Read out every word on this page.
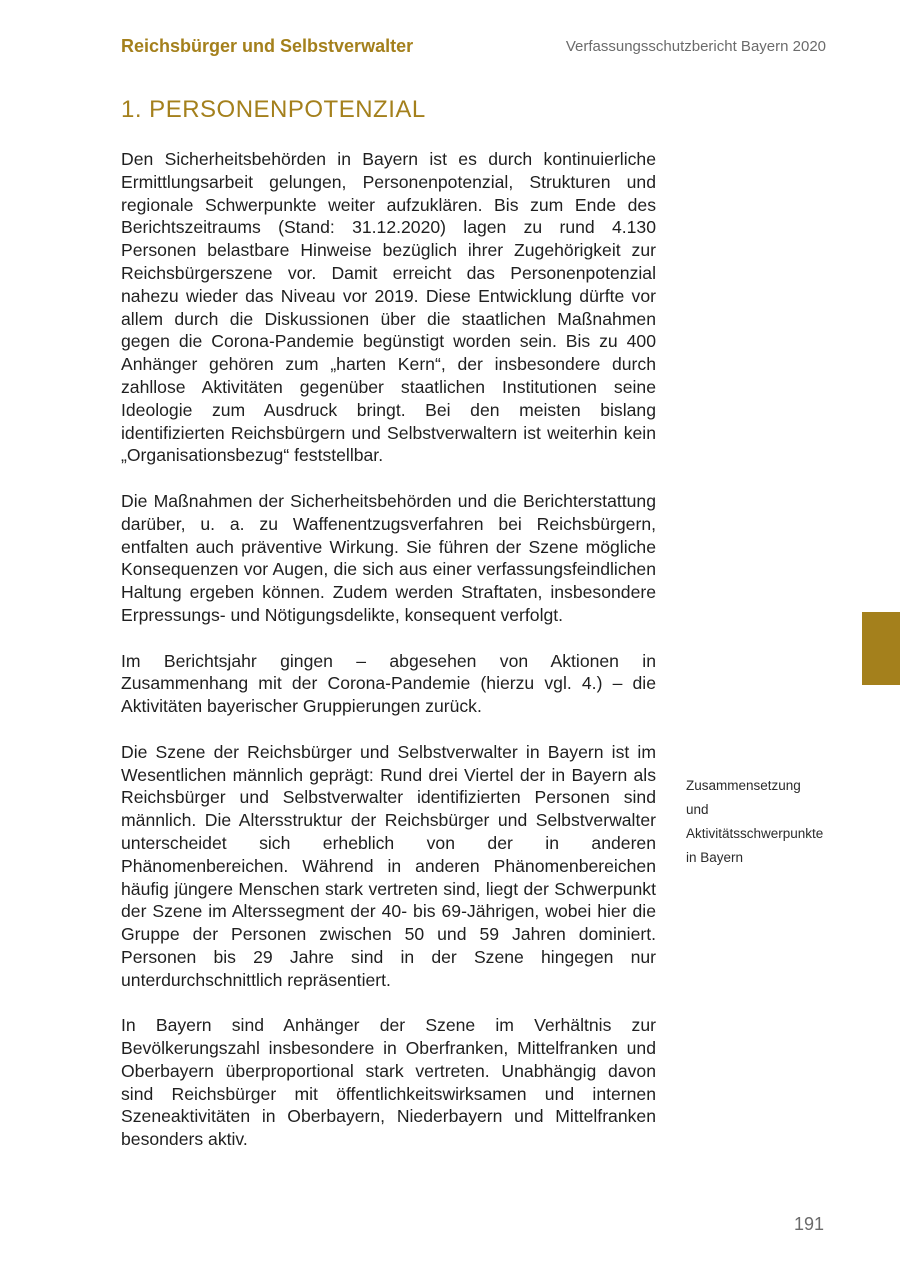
Reichsbürger und Selbstverwalter	Verfassungsschutzbericht Bayern 2020
1. PERSONENPOTENZIAL

Den Sicherheitsbehörden in Bayern ist es durch kontinuierliche Ermittlungsarbeit gelungen, Personenpotenzial, Strukturen und regionale Schwerpunkte weiter aufzuklären. Bis zum Ende des Berichtszeitraums (Stand: 31.12.2020) lagen zu rund 4.130 Personen belastbare Hinweise bezüglich ihrer Zugehörigkeit zur Reichsbürgerszene vor. Damit erreicht das Personenpotenzial nahezu wieder das Niveau vor 2019. Diese Entwicklung dürfte vor allem durch die Diskussionen über die staatlichen Maßnahmen gegen die Corona-Pandemie begünstigt worden sein. Bis zu 400 Anhänger gehören zum „harten Kern“, der insbesondere durch zahllose Aktivitäten gegenüber staatlichen Institutionen seine Ideologie zum Ausdruck bringt. Bei den meisten bislang identifizierten Reichsbürgern und Selbstverwaltern ist weiterhin kein „Organisationsbezug“ feststellbar.

Die Maßnahmen der Sicherheitsbehörden und die Berichterstattung darüber, u. a. zu Waffenentzugsverfahren bei Reichsbürgern, entfalten auch präventive Wirkung. Sie führen der Szene mögliche Konsequenzen vor Augen, die sich aus einer verfassungsfeindlichen Haltung ergeben können. Zudem werden Straftaten, insbesondere Erpressungs- und Nötigungsdelikte, konsequent verfolgt.

Im Berichtsjahr gingen – abgesehen von Aktionen in Zusammenhang mit der Corona-Pandemie (hierzu vgl. 4.) – die Aktivitäten bayerischer Gruppierungen zurück.

Die Szene der Reichsbürger und Selbstverwalter in Bayern ist im Wesentlichen männlich geprägt: Rund drei Viertel der in Bayern als Reichsbürger und Selbstverwalter identifizierten Personen sind männlich. Die Altersstruktur der Reichsbürger und Selbstverwalter unterscheidet sich erheblich von der in anderen Phänomenbereichen. Während in anderen Phänomenbereichen häufig jüngere Menschen stark vertreten sind, liegt der Schwerpunkt der Szene im Alterssegment der 40- bis 69-Jährigen, wobei hier die Gruppe der Personen zwischen 50 und 59 Jahren dominiert. Personen bis 29 Jahre sind in der Szene hingegen nur unterdurchschnittlich repräsentiert.

In Bayern sind Anhänger der Szene im Verhältnis zur Bevölkerungszahl insbesondere in Oberfranken, Mittelfranken und Oberbayern überproportional stark vertreten. Unabhängig davon sind Reichsbürger mit öffentlichkeitswirksamen und internen Szeneaktivitäten in Oberbayern, Niederbayern und Mittelfranken besonders aktiv.

Zusammensetzung und Aktivitätsschwerpunkte in Bayern
191
